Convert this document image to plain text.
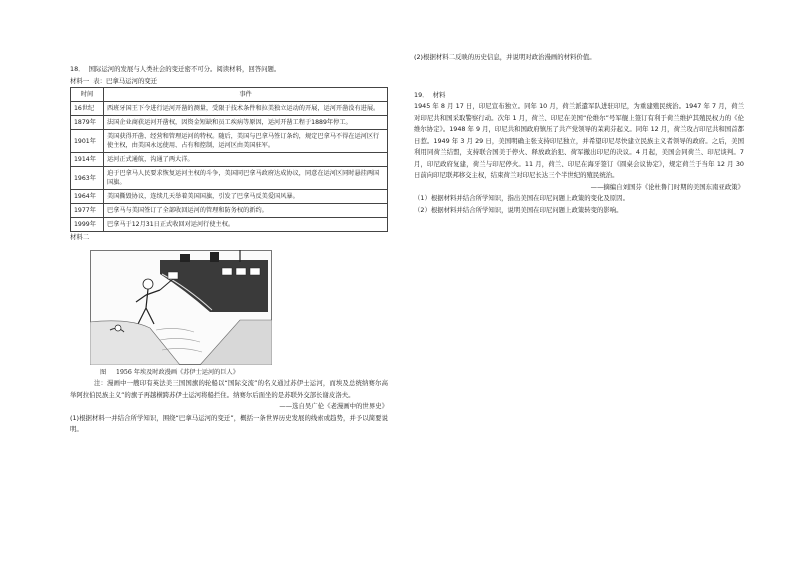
18．  国际运河的发展与人类社会的变迁密不可分。阅读材料，回答问题。

材料一  表：巴拿马运河的变迁

时间	事件
16世纪	西班牙国王下令进行运河开凿的测量，受限于技术条件和拉美独立运动的开展，运河开凿没有进展。
1879年	法国企业商获运河开凿权，因资金短缺和员工疾病等原因，运河开凿工程于1889年停工。
1901年	美国获得开凿、经营和管理运河的特权。随后，美国与巴拿马签订条约，规定巴拿马不得在运河区行使主权，由美国永远使用、占有和控制，运河区由美国驻军。
1914年	运河正式通航，沟通了两大洋。
1963年	迫于巴拿马人民要求恢复运河主权的斗争，美国同巴拿马政府达成协议，同意在运河区同时悬挂两国国旗。
1964年	美国撕毁协议，连续几天举着美国国旗，引发了巴拿马反美爱国风暴。
1977年	巴拿马与美国签订了全部收回运河的管理和防务权的新约。
1999年	巴拿马于12月31日正式收回对运河行使主权。

材料二

图     1956 年埃及时政漫画《苏伊士运河的巨人》

注：漫画中一艘印有英法美三国国旗的轮船以“国际交流”的名义通过苏伊士运河，而埃及总统纳赛尔高举阿拉伯民族主义”的旗子再越横跨苏伊士运河将船拦住。纳赛尔后面坐的是苏联外交部长谢皮洛夫。

——选自吴广伦《老漫画中的世界史》

(1)根据材料一并结合所学知识，围绕“巴拿马运河的变迁”，概括一条世界历史发展的线索或趋势，并予以简要说明。

(2)根据材料二反映的历史信息，并说明对政治漫画的材料价值。

19．  材料

1945 年 8 月 17 日，印尼宣布独立。同年 10 月，荷兰派遣军队进驻印尼，为重建殖民统治。1947 年 7 月，荷兰对印尼共和国采取警察行动。次年 1 月，荷兰、印尼在美国“伦维尔”号军舰上签订有利于荷兰维护其殖民权力的《伦维尔协定》。1948 年 9 月，印尼共和国政府镇压了共产党领导的茉莉芬起义。同年 12 月，荷兰攻占印尼共和国首都日惹。1949 年 3 月 29 日，美国明确主张支持印尼独立，并希望印尼尽快建立民族主义者领导的政府。之后，美国利用同荷兰结盟，支持联合国美于停火、释放政治犯、荷军撤出印尼的决议。4 月起，美国会同荷兰、印尼谈判。7 月，印尼政府复建，荷兰与印尼停火。11 月，荷兰、印尼在海牙签订《圆桌会议协定》，规定荷兰于当年 12 月 30 日前向印尼联邦移交主权，结束荷兰对印尼长达三个半世纪的殖民统治。

——摘编自刘国芬《论杜鲁门时期的美国东南亚政策》

（1）根据材料并结合所学知识，指出美国在印尼问题上政策的变化及原因。

（2）根据材料并结合所学知识，说明美国在印尼问题上政策转变的影响。
